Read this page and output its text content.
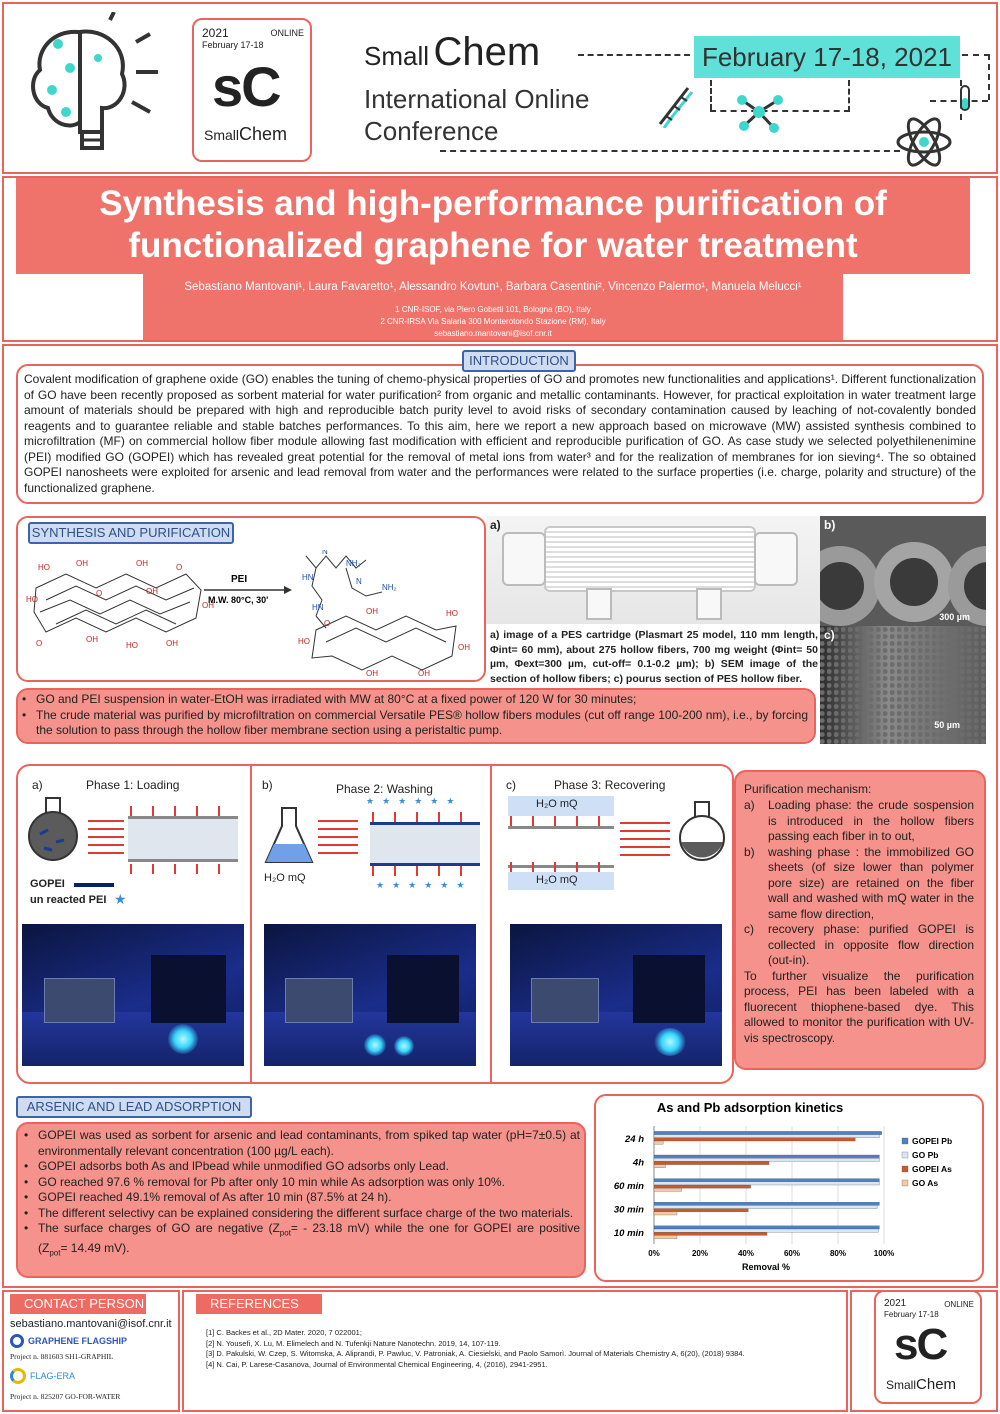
2021	ONLINE
February 17-18
sC
SmallChem
Small Chem
International Online
Conference
February 17-18, 2021
Synthesis and high-performance purification of
functionalized graphene for water treatment
Sebastiano Mantovani¹, Laura Favaretto¹, Alessandro Kovtun¹, Barbara Casentini², Vincenzo Palermo¹, Manuela Melucci¹
1 CNR-ISOF, via Piero Gobetti 101, Bologna (BO), Italy
2 CNR-IRSA Via Salaria 300 Monterotondo Stazione (RM), Italy
sebastiano.mantovani@isof.cnr.it
INTRODUCTION
Covalent modification of graphene oxide (GO) enables the tuning of chemo-physical properties of GO and promotes new functionalities and applications¹. Different functionalization of GO have been recently proposed as sorbent material for water purification² from organic and metallic contaminants. However, for practical exploitation in water treatment large amount of materials should be prepared with high and reproducible batch purity level to avoid risks of secondary contamination caused by leaching of not-covalently bonded reagents and to guarantee reliable and stable batches performances. To this aim, here we report a new approach based on microwave (MW) assisted synthesis combined to microfiltration (MF) on commercial hollow fiber module allowing fast modification with efficient and reproducible purification of GO. As case study we selected polyethilenenimine (PEI) modified GO (GOPEI) which has revealed great potential for the removal of metal ions from water³ and for the realization of membranes for ion sieving⁴. The so obtained GOPEI nanosheets were exploited for arsenic and lead removal from water and the performances were related to the surface properties (i.e. charge, polarity and structure) of the functionalized graphene.
SYNTHESIS AND PURIFICATION
HO	OH	OH	O
HO
O	OH
OH
O	OH
HO	OH
PEI
M.W. 80°C, 30'
N
NH₂
HN	N
NH₂
HN
O
OH	HO
HO
OH
OH	OH
a)
a) image of a PES cartridge (Plasmart 25 model, 110 mm length, Φint= 60 mm), about 275 hollow fibers, 700 mg weight (Φint= 50 µm, Φext=300 µm, cut-off= 0.1-0.2 µm); b) SEM image of the section of hollow fibers; c) pourus section of PES hollow fiber.
b)
300 µm
c)
50 µm
• GO and PEI suspension in water-EtOH was irradiated with MW at 80°C at a fixed power of 120 W for 30 minutes;
• The crude material was purified by microfiltration on commercial Versatile PES® hollow fibers modules (cut off range 100-200 nm), i.e., by forcing the solution to pass through the hollow fiber membrane section using a peristaltic pump.
a)	Phase 1: Loading
GOPEI
un reacted PEI ★
b)	Phase 2: Washing
H₂O mQ
★★★★★★
★★★★★★
c)	Phase 3: Recovering
H₂O mQ
H₂O mQ
Purification mechanism:
a)	Loading phase: the crude sospension is introduced in the hollow fibers passing each fiber in to out,
b)	washing phase : the immobilized GO sheets (of size lower than polymer pore size) are retained on the fiber wall and washed with mQ water in the same flow direction,
c)	recovery phase: purified GOPEI is collected in opposite flow direction (out-in).
To further visualize the purification process, PEI has been labeled with a fluorecent thiophene-based dye. This allowed to monitor the purification with UV-vis spectroscopy.
ARSENIC AND LEAD ADSORPTION
• GOPEI was used as sorbent for arsenic and lead contaminants, from spiked tap water (pH=7±0.5) at environmentally relevant concentration (100 µg/L each).
• GOPEI adsorbs both As and lPbead while unmodified GO adsorbs only Lead.
• GO reached 97.6 % removal for Pb after only 10 min while As adsorption was only 10%.
• GOPEI reached 49.1% removal of As after 10 min (87.5% at 24 h).
• The different selectivy can be explained considering the different surface charge of the two materials.
• The surface charges of GO are negative ($Z_{pot}= - 23.18$ mV) while the one for GOPEI are positive ($Z_{pot}= 14.49$ mV).
As and Pb adsorption kinetics
0%	20%	40%	60%	80%	100%
24 h
4h
60 min
30 min
10 min
GOPEI Pb
GO Pb
GOPEI As
GO As
Removal %
CONTACT PERSON
sebastiano.mantovani@isof.cnr.it
GRAPHENE FLAGSHIP
Project n. 881603 SH1-GRAPHIL
FLAG-ERA
Project n. 825207 GO-FOR-WATER
REFERENCES
[1] C. Backes et al., 2D Mater. 2020, 7 022001;
[2] N. Yousefi, X. Lu, M. Elimelech and N. Tufenkji Nature Nanotechn. 2019, 14, 107-119.
[3] D. Pakulski, W. Czep, S. Witomska, A. Aliprandi, P. Pawluc, V. Patroniak, A. Ciesielski, and Paolo Samorì. Journal of Materials Chemistry A, 6(20), (2018) 9384.
[4] N. Cai, P. Larese-Casanova, Journal of Environmental Chemical Engineering, 4, (2016), 2941-2951.
2021	ONLINE
February 17-18
sC
SmallChem
